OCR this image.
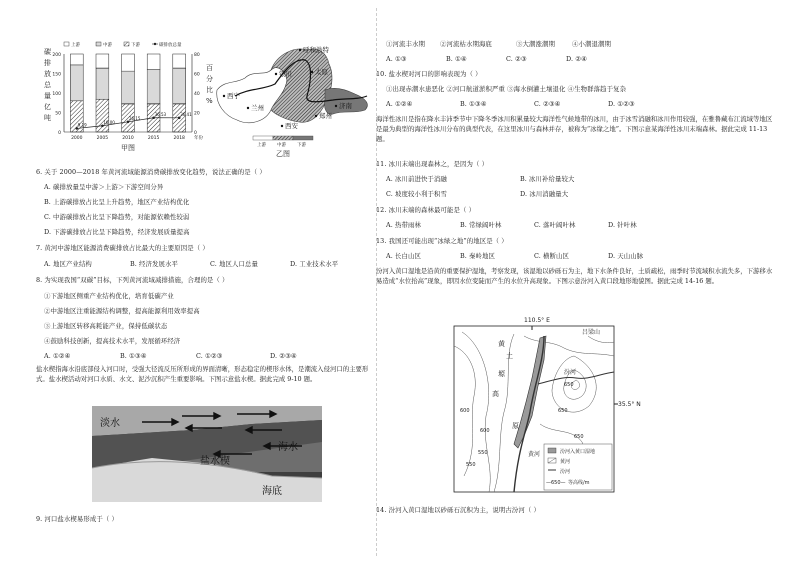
200
150
100
50
0
80
60
40
20
0
碳
排
放
总
量
亿
吨
百
分
比
%
上游	中游	下游	碳排放总量
2000	2005	2010	2015	2018 年份
9.19
16.00
26.15
36.53	36.41
甲图
呼和浩特
银川	太原
西宁
兰州	济南
西安
郑州
上游 中游 下游
乙图
6. 关于 2000—2018 年黄河流域能源消费碳排放变化趋势，说法正确的是（ ）
A. 碳排放量呈中游＞上游＞下游空间分异
B. 上游碳排放占比呈上升趋势，地区产业结构优化
C. 中游碳排放占比呈下降趋势，对能源依赖性较弱
D. 下游碳排放占比呈下降趋势，经济发展质量提高
7. 黄河中游地区能源消费碳排放占比最大的主要原因是（ ）
A. 地区产业结构	B. 经济发展水平	C. 地区人口总量	D. 工业技术水平
8. 为实现我国“双碳”目标，下列黄河流域减排措施，合理的是（ ）
①下游地区侧重产业结构优化，培育低碳产业
②中游地区注重能源结构调整，提高能源利用效率提高
③上游地区转移高耗能产业，保持低碳状态
④鼓励科技创新，提高技术水平，发展循环经济
A. ①②④	B. ①③④	C. ①②③	D. ②③④
盐水楔指海水沿底部侵入河口时，受强大径流反压所形成的界面清晰，形态稳定的楔形水体，是潮流入侵河口的主要形式。盐水楔活动对河口水质、水文、泥沙沉积产生重要影响。下图示意盐水楔。据此完成 9-10 题。
淡水
海水
盐水楔
海底
9. 河口盐水楔易形成于（ ）
①河流丰水期 ②河流枯水期海底	③大潮涨潮期	④小潮退潮期
A. ①③	B. ①④	C. ②③	D. ②④
10. 盐水楔对河口的影响表现为（ ）
①出现赤潮水患恶化 ②河口航道淤积严重 ③海水倒灌土壤退化 ④生物群落趋于复杂
A. ①②④	B. ①③④	C. ②③④	D. ①②③
海洋性冰川是指在降水丰沛季节中下降冬季冰川积累量较大海洋性气候地带的冰川，由于冰雪消融和冰川作用较强，在雅鲁藏布江流域等地区是最为典型的海洋性冰川分布的典型代表，在这里冰川与森林并存，被称为“冰缘之地”。下图示意某海洋性冰川末端森林。据此完成 11-13 题。
11. 冰川末端出现森林之，是因为（ ）
A. 冰川前进快于消融	B. 冰川补给量较大
C. 坡度较小利于积雪	D. 冰川消融量大
12. 冰川末端的森林最可能是（ ）
A. 热带雨林	B. 常绿阔叶林	C. 落叶阔叶林	D. 针叶林
13. 我国还可能出现“冰绿之地”的地区是（ ）
A. 长白山区	B. 秦岭地区	C. 横断山区	D. 天山山脉
汾河入黄口湿地是沿黄的重要保护湿地，考察发现，该湿地以砂砾石为主，地下水条件良好，土质疏松，雨季时节流域积水流失多，下游移水易造成“水位抬高”现象，即因水位变陡而产生的水位升高现象。下图示意汾河入黄口段地形地貌图。据此完成 14-16 题。
110.5° E
黄
土
塬
吕梁山
高
原
汾河
黄河
600
550
650
650
650
600
550
35.5° N
汾河入黄口湿地
黄河
汾河
—650— 等高线/m
14. 汾河入黄口湿地以砂砾石沉积为主，说明古汾河（ ）
